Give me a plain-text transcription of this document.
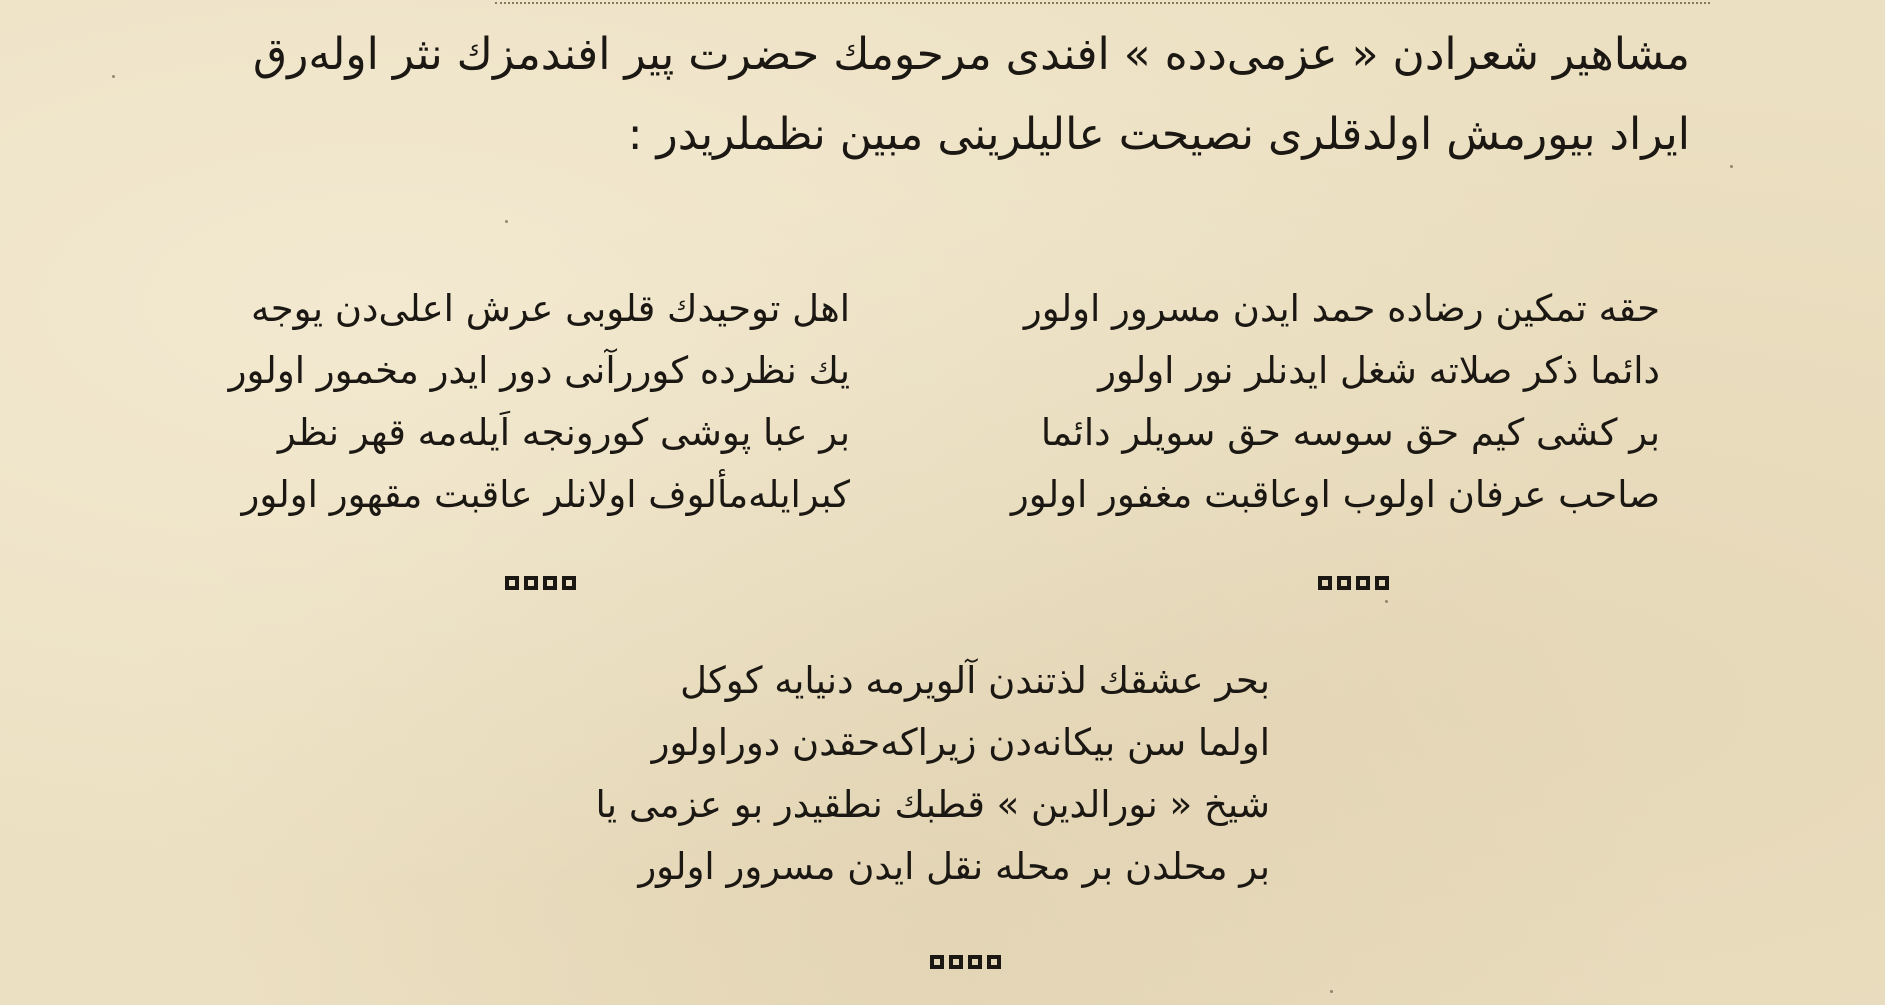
مشاهیر شعرادن « عزمی‌دده » افندی مرحومك حضرت پیر افندمزك نثر اوله‌رق
ایراد بیورمش اولدقلری نصیحت عالیلرینی مبین نظملریدر :
حقه تمکین رضاده حمد ایدن مسرور اولور
دائما ذکر صلاته شغل ایدنلر نور اولور
بر کشی کیم حق سوسه حق سویلر دائما
صاحب عرفان اولوب اوعاقبت مغفور اولور
اهل توحیدك قلوبی عرش اعلی‌دن یوجه
یك نظرده کوررآنی دور ایدر مخمور اولور
بر عبا پوشی کورونجه اَیله‌مه قهر نظر
کبرایله‌مألوف اولانلر عاقبت مقهور اولور
بحر عشقك لذتندن آلویرمه دنیایه کوکل
اولما سن بیکانه‌دن زیراکه‌حقدن دوراولور
شیخ « نورالدین » قطبك نطقیدر بو عزمی یا
بر محلدن بر محله نقل ایدن مسرور اولور
